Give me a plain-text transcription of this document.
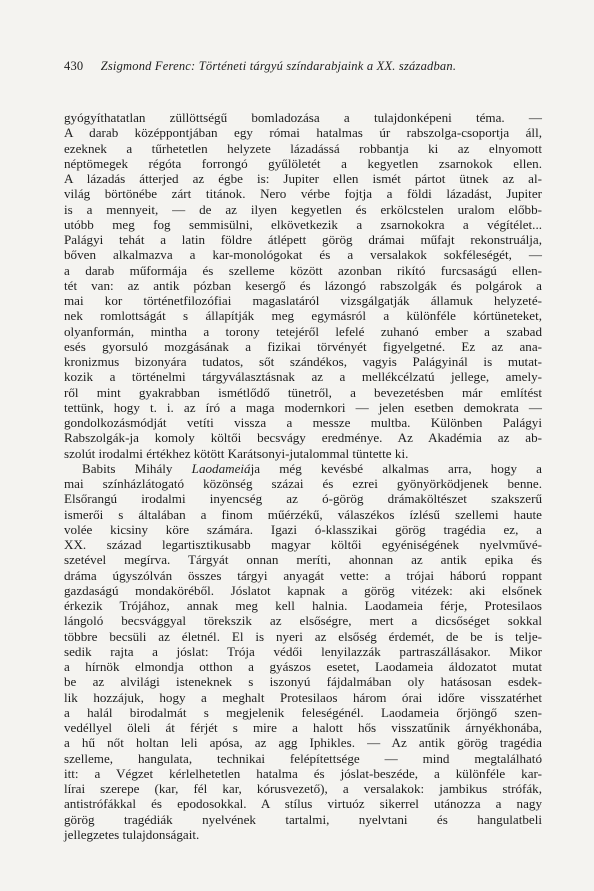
430 Zsigmond Ferenc: Történeti tárgyú színdarabjaink a XX. században.
gyógyíthatatlan züllöttségű bomladozása a tulajdonképeni téma. —
A darab középpontjában egy római hatalmas úr rabszolga-csoportja áll,
ezeknek a tűrhetetlen helyzete lázadássá robbantja ki az elnyomott
néptömegek régóta forrongó gyűlöletét a kegyetlen zsarnokok ellen.
A lázadás átterjed az égbe is: Jupiter ellen ismét pártot ütnek az al-
világ börtönébe zárt titánok. Nero vérbe fojtja a földi lázadást, Jupiter
is a mennyeit, — de az ilyen kegyetlen és erkölcstelen uralom előbb-
utóbb meg fog semmisülni, elkövetkezik a zsarnokokra a végítélet...
Palágyi tehát a latin földre átlépett görög drámai műfajt rekonstruálja,
bőven alkalmazva a kar-monológokat és a versalakok sokféleségét, —
a darab műformája és szelleme között azonban rikító furcsaságú ellen-
tét van: az antik pózban kesergő és lázongó rabszolgák és polgárok a
mai kor történetfilozófiai magaslatáról vizsgálgatják államuk helyzeté-
nek romlottságát s állapítják meg egymásról a különféle kórtüneteket,
olyanformán, mintha a torony tetejéről lefelé zuhanó ember a szabad
esés gyorsuló mozgásának a fizikai törvényét figyelgetné. Ez az ana-
kronizmus bizonyára tudatos, sőt szándékos, vagyis Palágyinál is mutat-
kozik a történelmi tárgyválasztásnak az a mellékcélzatú jellege, amely-
ről mint gyakrabban ismétlődő tünetről, a bevezetésben már említést
tettünk, hogy t. i. az író a maga modernkori — jelen esetben demokrata —
gondolkozásmódját vetíti vissza a messze multba. Különben Palágyi
Rabszolgák-ja komoly költői becsvágy eredménye. Az Akadémia az ab-
szolút irodalmi értékhez kötött Karátsonyi-jutalommal tüntette ki.
Babits Mihály Laodameiája még kevésbé alkalmas arra, hogy a
mai színházlátogató közönség százai és ezrei gyönyörködjenek benne.
Elsőrangú irodalmi inyencség az ó-görög drámaköltészet szakszerű
ismerői s általában a finom műérzékű, válaszékos ízlésű szellemi haute
volée kicsiny köre számára. Igazi ó-klasszikai görög tragédia ez, a
XX. század legartisztikusabb magyar költői egyéniségének nyelvművé-
szetével megírva. Tárgyát onnan meríti, ahonnan az antik epika és
dráma úgyszólván összes tárgyi anyagát vette: a trójai háború roppant
gazdaságú mondaköréből. Jóslatot kapnak a görög vitézek: aki elsőnek
érkezik Trójához, annak meg kell halnia. Laodameia férje, Protesilaos
lángoló becsvággyal törekszik az elsőségre, mert a dicsőséget sokkal
többre becsüli az életnél. El is nyeri az elsőség érdemét, de be is telje-
sedik rajta a jóslat: Trója védői lenyilazzák partraszállásakor. Mikor
a hírnök elmondja otthon a gyászos esetet, Laodameia áldozatot mutat
be az alvilági isteneknek s iszonyú fájdalmában oly hatásosan esdek-
lik hozzájuk, hogy a meghalt Protesilaos három órai időre visszatérhet
a halál birodalmát s megjelenik feleségénél. Laodameia őrjöngő szen-
vedéllyel öleli át férjét s mire a halott hős visszatűnik árnyékhonába,
a hű nőt holtan leli apósa, az agg Iphikles. — Az antik görög tragédia
szelleme, hangulata, technikai felépítettsége — mind megtalálható
itt: a Végzet kérlelhetetlen hatalma és jóslat-beszéde, a különféle kar-
lírai szerepe (kar, fél kar, kórusvezető), a versalakok: jambikus strófák,
antistrófákkal és epodosokkal. A stílus virtuóz sikerrel utánozza a nagy
görög tragédiák nyelvének tartalmi, nyelvtani és hangulatbeli
jellegzetes tulajdonságait.
